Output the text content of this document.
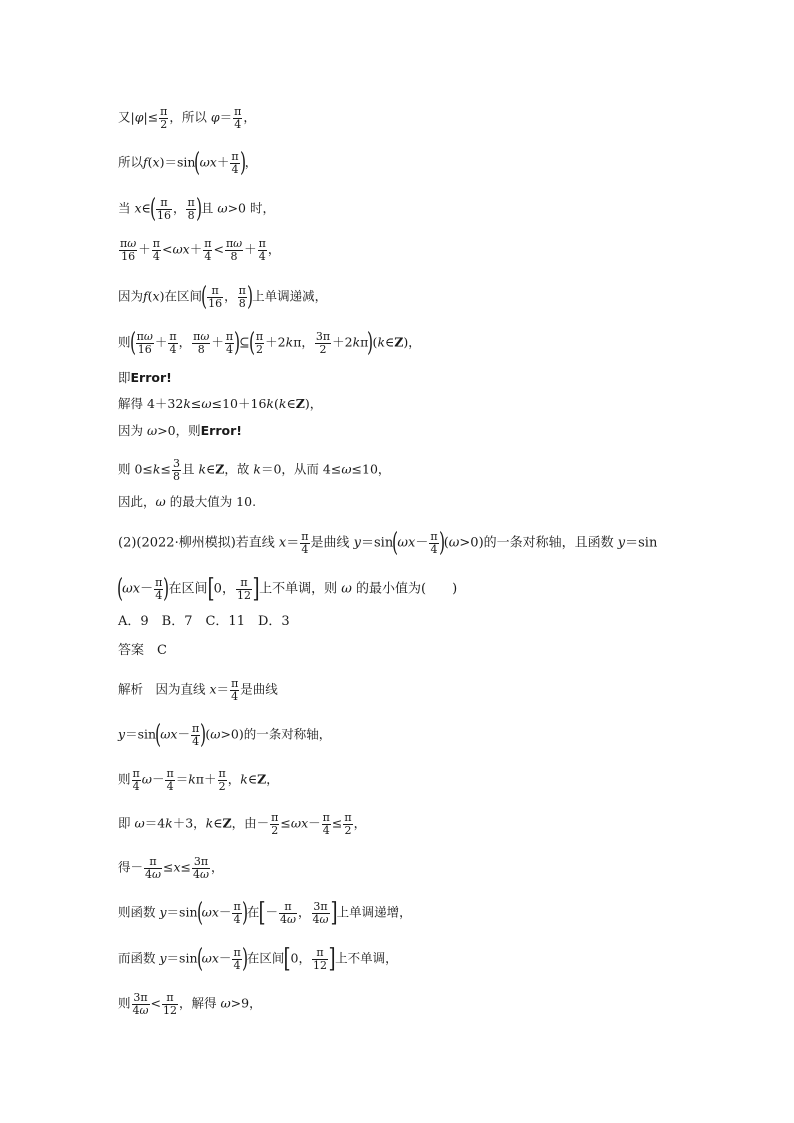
又$|\varphi|\le \frac{\pi}{2}$ ，所以 $\varphi= \frac{\pi}{4}$ ，
所以$f(x)=\sin(\omega x+ \frac{\pi}{4}$ )，
当 x∈( $\frac{\pi}{16}$ ， $\frac{\pi}{8}$ )且 ω>0 时，
$\frac{\pi\omega}{16} + \frac{\pi}{4} <\omega x+ \frac{\pi}{4} < \frac{\pi\omega}{8} + \frac{\pi}{4}$ ，
因为f(x)在区间( $\frac{\pi}{16}$ ， $\frac{\pi}{8}$ )上单调递减，
则( $\frac{\pi\omega}{16} + \frac{\pi}{4}$ ， $\frac{\pi\omega}{8} + \frac{\pi}{4}$ )⊆( $\frac{\pi}{2} +2k\pi$， $\frac{3\pi}{2}$ ＋2kπ)(k∈Z)，
即Error!
解得 4＋32k≤ω≤10＋16k(k∈Z)，
因为 ω>0，则Error!
则 $0\le k\le \frac{3}{8}$ 且 k∈Z，故 k＝0，从而 4≤ω≤10，
因此，ω 的最大值为 10.
(2)(2022·柳州模拟)若直线 $x= \frac{\pi}{4}$ 是曲线 $y=\sin(\omega x- \frac{\pi}{4} )(\omega>0)$的一条对称轴，且函数 y＝sin
($\omega x- \frac{\pi}{4}$ )在区间[0， $\frac{\pi}{12}$ ]上不单调，则 ω 的最小值为(　　)
A．9　B．7　C．11　D．3
答案　C
解析　因为直线 $x= \frac{\pi}{4}$ 是曲线
$y=\sin(\omega x- \frac{\pi}{4} )(\omega>0)$的一条对称轴，
则 $\frac{\pi}{4} \omega- \frac{\pi}{4} =k\pi+ \frac{\pi}{2}$ ，k∈Z，
即 ω＝4k＋3，k∈Z，由－ $\frac{\pi}{2} \le\omega x- \frac{\pi}{4} \le \frac{\pi}{2}$ ，
得－ $\frac{\pi}{4\omega} \le x\le \frac{3\pi}{4\omega}$ ，
则函数 $y=\sin(\omega x- \frac{\pi}{4}$ )在[－ $\frac{\pi}{4\omega}$ ， $\frac{3\pi}{4\omega}$ ]上单调递增，
而函数 $y=\sin(\omega x- \frac{\pi}{4}$ )在区间[0， $\frac{\pi}{12}$ ]上不单调，
则 $\frac{3\pi}{4\omega} < \frac{\pi}{12}$ ，解得 ω>9，
